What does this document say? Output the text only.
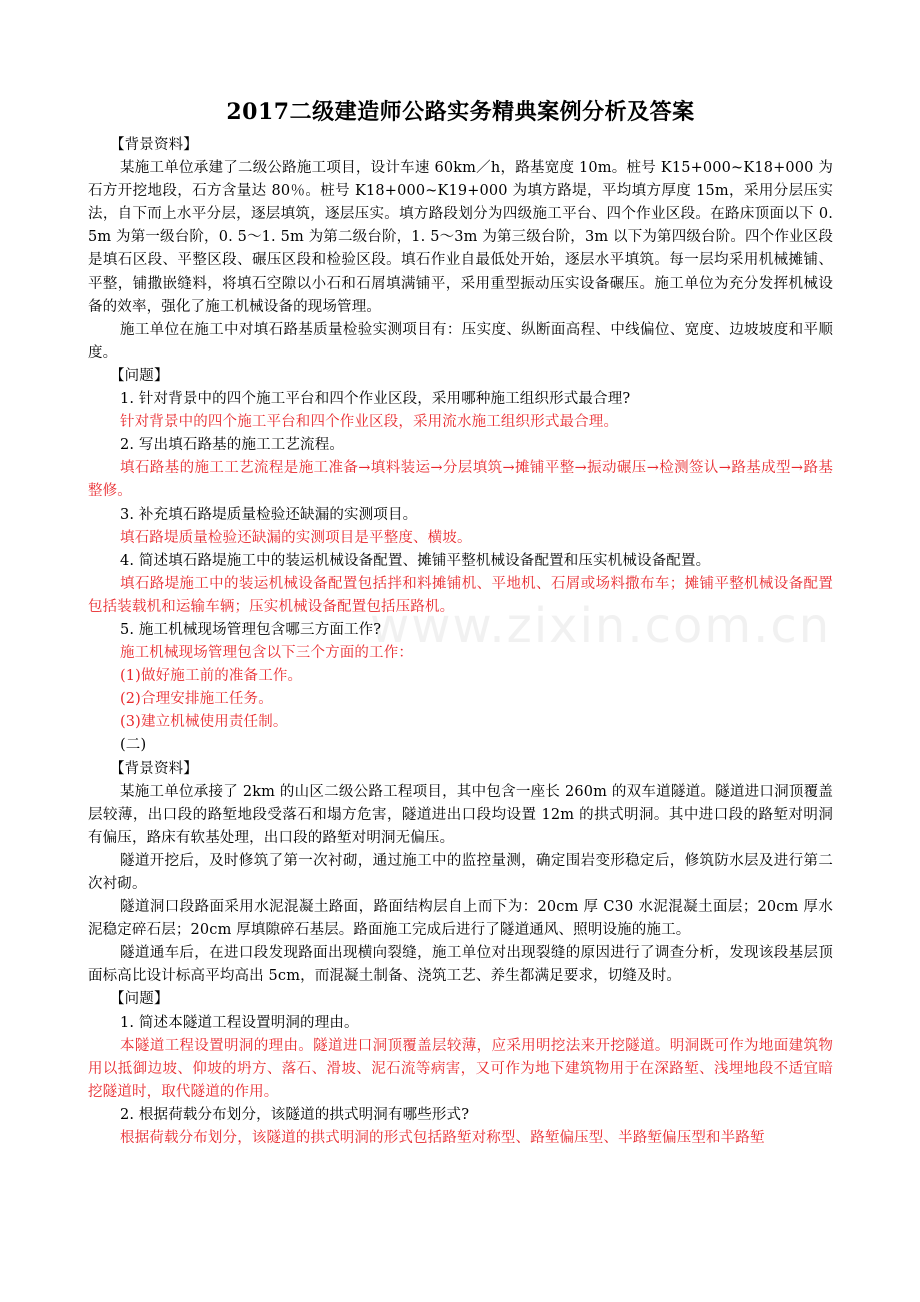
www.zixin.com.cn
2017二级建造师公路实务精典案例分析及答案

【背景资料】

某施工单位承建了二级公路施工项目，设计车速 60km／h，路基宽度 10m。桩号 K15+000~K18+000 为石方开挖地段，石方含量达 80％。桩号 K18+000~K19+000 为填方路堤，平均填方厚度 15m，采用分层压实法，自下而上水平分层，逐层填筑，逐层压实。填方路段划分为四级施工平台、四个作业区段。在路床顶面以下 0. 5m 为第一级台阶，0. 5～1. 5m 为第二级台阶，1. 5～3m 为第三级台阶，3m 以下为第四级台阶。四个作业区段是填石区段、平整区段、碾压区段和检验区段。填石作业自最低处开始，逐层水平填筑。每一层均采用机械摊铺、平整，铺撒嵌缝料，将填石空隙以小石和石屑填满铺平，采用重型振动压实设备碾压。施工单位为充分发挥机械设备的效率，强化了施工机械设备的现场管理。

施工单位在施工中对填石路基质量检验实测项目有：压实度、纵断面高程、中线偏位、宽度、边坡坡度和平顺度。

【问题】

1. 针对背景中的四个施工平台和四个作业区段，采用哪种施工组织形式最合理?

针对背景中的四个施工平台和四个作业区段，采用流水施工组织形式最合理。

2. 写出填石路基的施工工艺流程。

填石路基的施工工艺流程是施工准备→填料装运→分层填筑→摊铺平整→振动碾压→检测签认→路基成型→路基整修。

3. 补充填石路堤质量检验还缺漏的实测项目。

填石路堤质量检验还缺漏的实测项目是平整度、横坡。

4. 简述填石路堤施工中的装运机械设备配置、摊铺平整机械设备配置和压实机械设备配置。

填石路堤施工中的装运机械设备配置包括拌和料摊铺机、平地机、石屑或场料撒布车；摊铺平整机械设备配置包括装载机和运输车辆；压实机械设备配置包括压路机。

5. 施工机械现场管理包含哪三方面工作?

施工机械现场管理包含以下三个方面的工作：

(1)做好施工前的准备工作。

(2)合理安排施工任务。

(3)建立机械使用责任制。

(二)

【背景资料】

某施工单位承接了 2km 的山区二级公路工程项目，其中包含一座长 260m 的双车道隧道。隧道进口洞顶覆盖层较薄，出口段的路堑地段受落石和塌方危害，隧道进出口段均设置 12m 的拱式明洞。其中进口段的路堑对明洞有偏压，路床有软基处理，出口段的路堑对明洞无偏压。

隧道开挖后，及时修筑了第一次衬砌，通过施工中的监控量测，确定围岩变形稳定后，修筑防水层及进行第二次衬砌。

隧道洞口段路面采用水泥混凝土路面，路面结构层自上而下为：20cm 厚 C30 水泥混凝土面层；20cm 厚水泥稳定碎石层；20cm 厚填隙碎石基层。路面施工完成后进行了隧道通风、照明设施的施工。

隧道通车后，在进口段发现路面出现横向裂缝，施工单位对出现裂缝的原因进行了调查分析，发现该段基层顶面标高比设计标高平均高出 5cm，而混凝土制备、浇筑工艺、养生都满足要求，切缝及时。

【问题】

1. 简述本隧道工程设置明洞的理由。

本隧道工程设置明洞的理由。隧道进口洞顶覆盖层较薄，应采用明挖法来开挖隧道。明洞既可作为地面建筑物用以抵御边坡、仰坡的坍方、落石、滑坡、泥石流等病害，又可作为地下建筑物用于在深路堑、浅埋地段不适宜暗挖隧道时，取代隧道的作用。

2. 根据荷载分布划分，该隧道的拱式明洞有哪些形式?

根据荷载分布划分，该隧道的拱式明洞的形式包括路堑对称型、路堑偏压型、半路堑偏压型和半路堑
